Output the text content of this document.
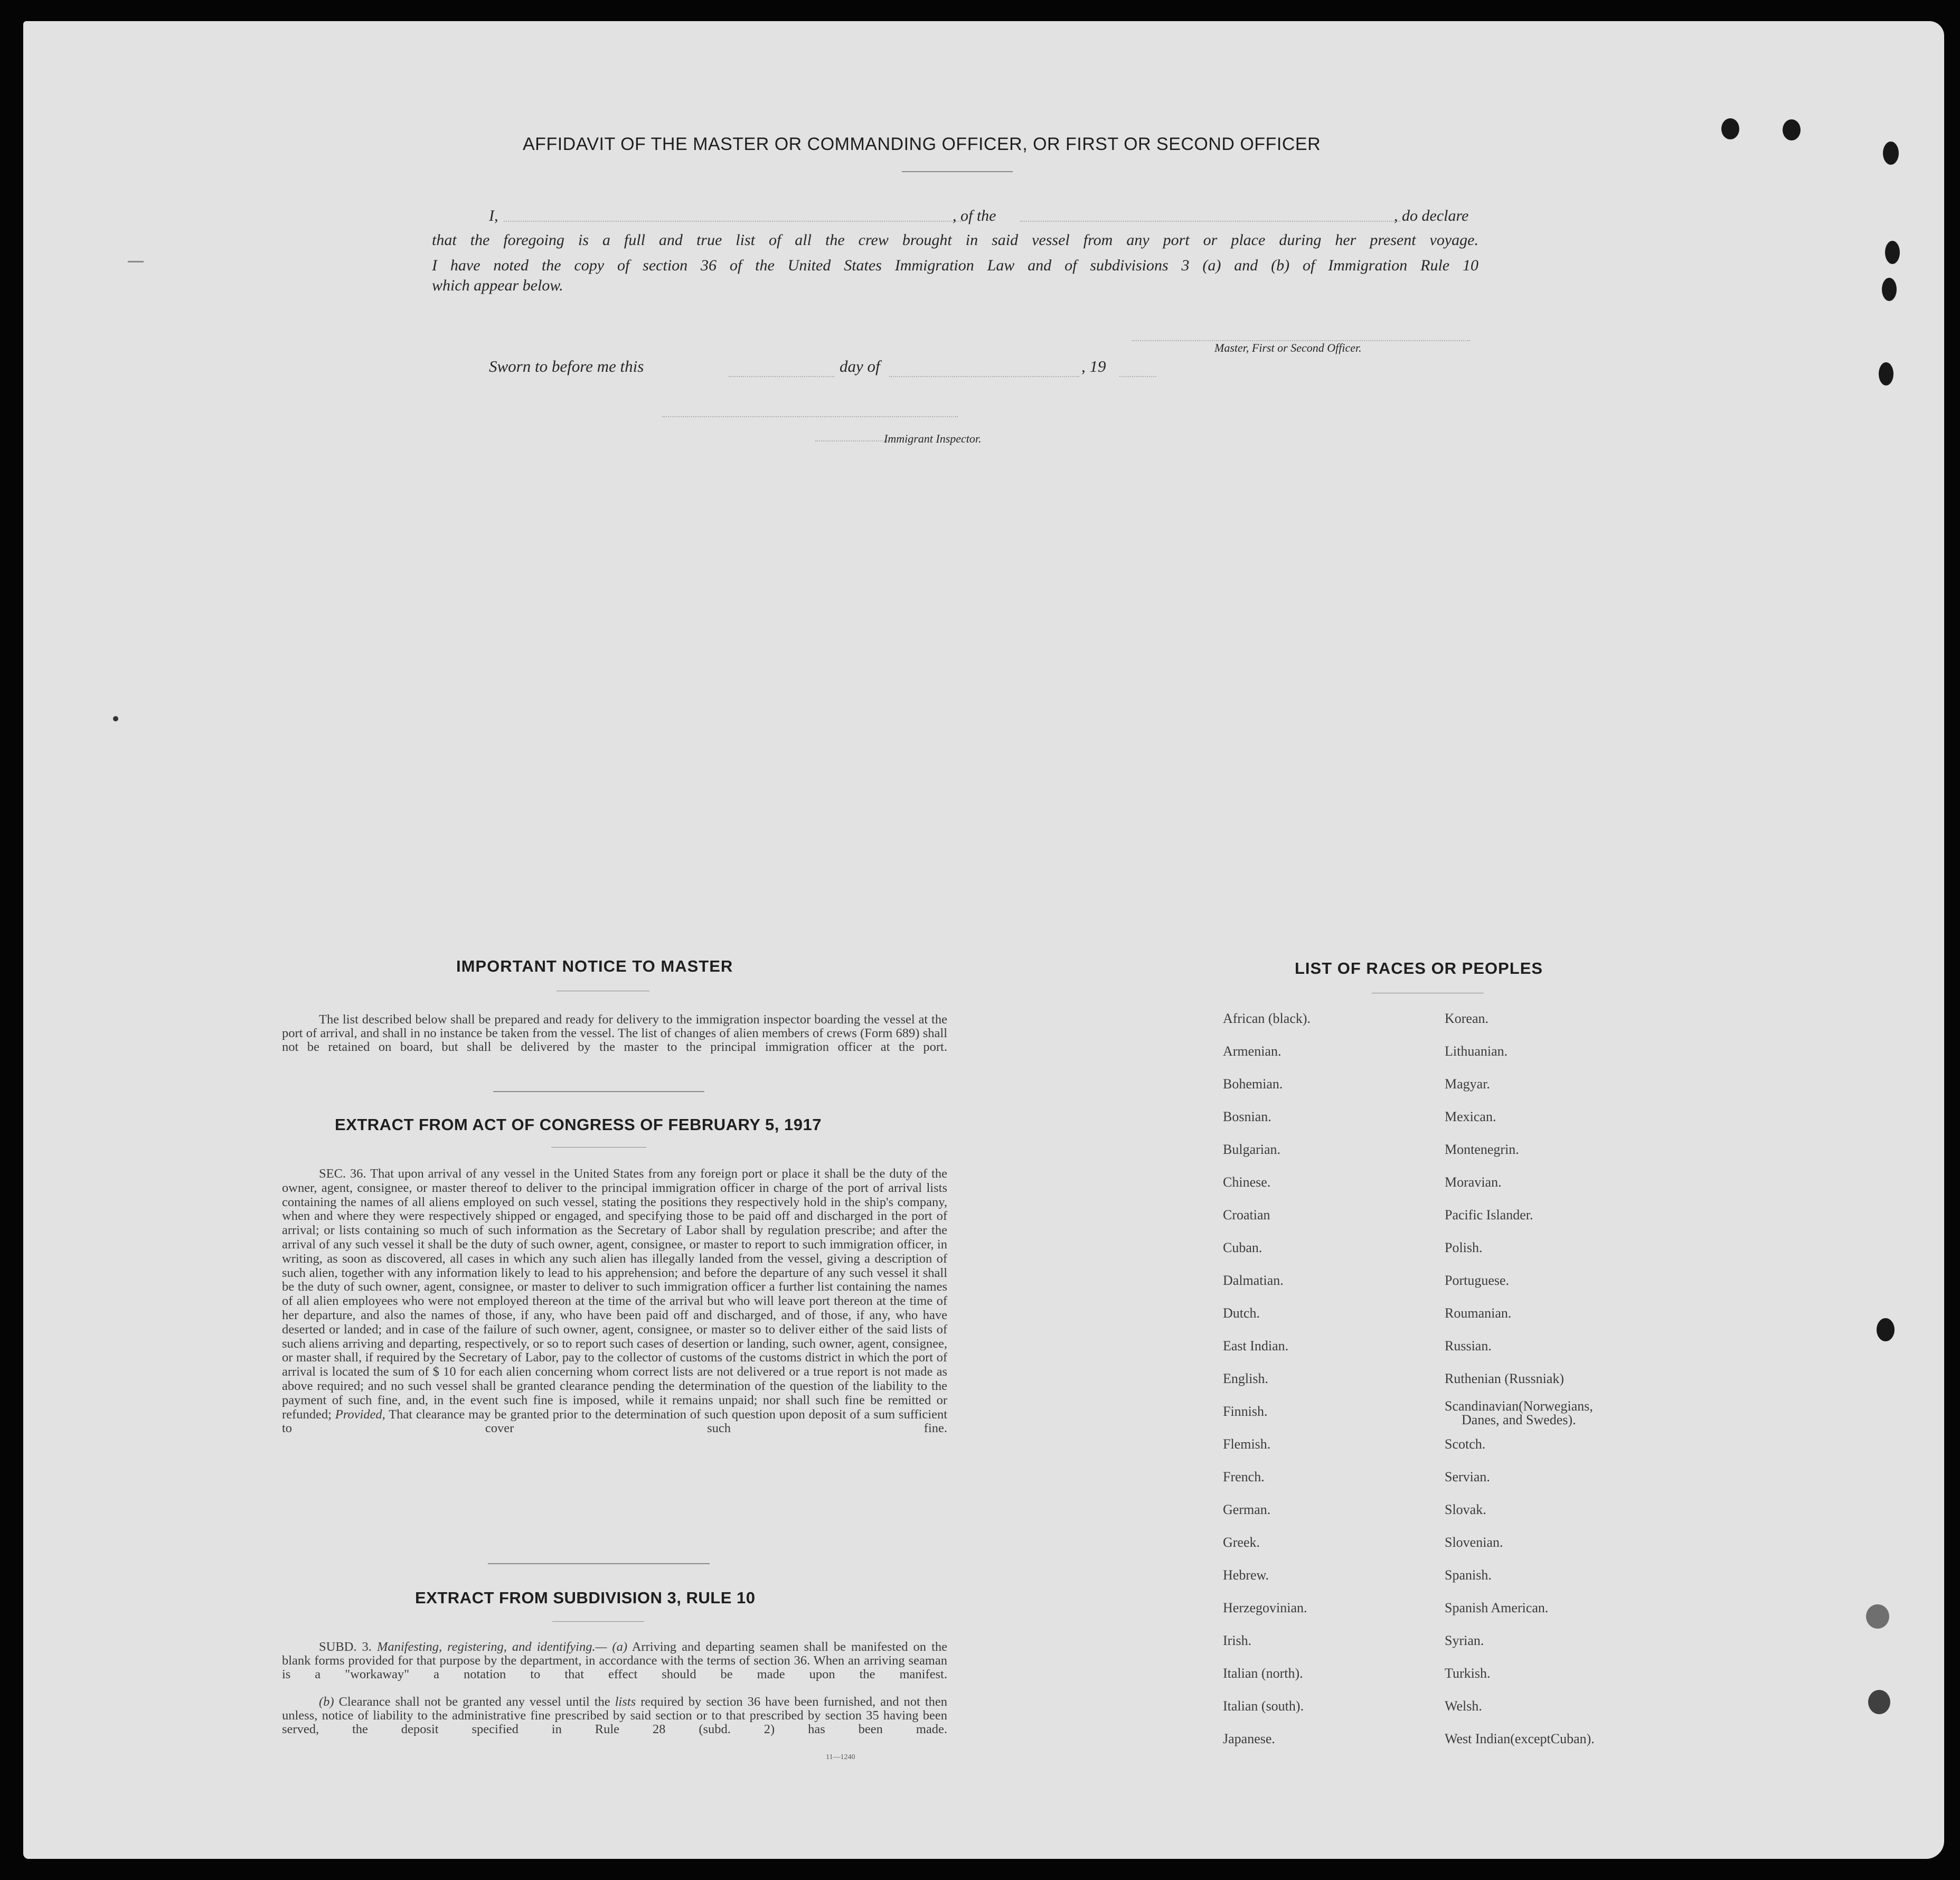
AFFIDAVIT OF THE MASTER OR COMMANDING OFFICER, OR FIRST OR SECOND OFFICER
I,	, of the	, do declare
that the foregoing is a full and true list of all the crew brought in said vessel from any port or place during her present voyage.
I have noted the copy of section 36 of the United States Immigration Law and of subdivisions 3 (a) and (b) of Immigration Rule 10
which appear below.
Master, First or Second Officer.
Sworn to before me this	day of	, 19
Immigrant Inspector.
IMPORTANT NOTICE TO MASTER
The list described below shall be prepared and ready for delivery to the immigration inspector boarding the vessel at the port of arrival, and shall in no instance be taken from the vessel. The list of changes of alien members of crews (Form 689) shall not be retained on board, but shall be delivered by the master to the principal immigration officer at the port.
EXTRACT FROM ACT OF CONGRESS OF FEBRUARY 5, 1917
SEC. 36. That upon arrival of any vessel in the United States from any foreign port or place it shall be the duty of the owner, agent, consignee, or master thereof to deliver to the principal immigration officer in charge of the port of arrival lists containing the names of all aliens employed on such vessel, stating the positions they respectively hold in the ship's company, when and where they were respectively shipped or engaged, and specifying those to be paid off and discharged in the port of arrival; or lists containing so much of such information as the Secretary of Labor shall by regulation prescribe; and after the arrival of any such vessel it shall be the duty of such owner, agent, consignee, or master to report to such immigration officer, in writing, as soon as discovered, all cases in which any such alien has illegally landed from the vessel, giving a description of such alien, together with any information likely to lead to his apprehension; and before the departure of any such vessel it shall be the duty of such owner, agent, consignee, or master to deliver to such immigration officer a further list containing the names of all alien employees who were not employed thereon at the time of the arrival but who will leave port thereon at the time of her departure, and also the names of those, if any, who have been paid off and discharged, and of those, if any, who have deserted or landed; and in case of the failure of such owner, agent, consignee, or master so to deliver either of the said lists of such aliens arriving and departing, respectively, or so to report such cases of desertion or landing, such owner, agent, consignee, or master shall, if required by the Secretary of Labor, pay to the collector of customs of the customs district in which the port of arrival is located the sum of $ 10 for each alien concerning whom correct lists are not delivered or a true report is not made as above required; and no such vessel shall be granted clearance pending the determination of the question of the liability to the payment of such fine, and, in the event such fine is imposed, while it remains unpaid; nor shall such fine be remitted or refunded; Provided, That clearance may be granted prior to the determination of such question upon deposit of a sum sufficient to cover such fine.
EXTRACT FROM SUBDIVISION 3, RULE 10
SUBD. 3. Manifesting, registering, and identifying.— (a) Arriving and departing seamen shall be manifested on the blank forms provided for that purpose by the department, in accordance with the terms of section 36. When an arriving seaman is a "workaway" a notation to that effect should be made upon the manifest.
(b) Clearance shall not be granted any vessel until the lists required by section 36 have been furnished, and not then unless, notice of liability to the administrative fine prescribed by said section or to that prescribed by section 35 having been served, the deposit specified in Rule 28 (subd. 2) has been made.
11—1240
LIST OF RACES OR PEOPLES
African (black).
Armenian.
Bohemian.
Bosnian.
Bulgarian.
Chinese.
Croatian
Cuban.
Dalmatian.
Dutch.
East Indian.
English.
Finnish.
Flemish.
French.
German.
Greek.
Hebrew.
Herzegovinian.
Irish.
Italian (north).
Italian (south).
Japanese.
Korean.
Lithuanian.
Magyar.
Mexican.
Montenegrin.
Moravian.
Pacific Islander.
Polish.
Portuguese.
Roumanian.
Russian.
Ruthenian (Russniak)
Scandinavian(Norwegians,
Danes, and Swedes).
Scotch.
Servian.
Slovak.
Slovenian.
Spanish.
Spanish American.
Syrian.
Turkish.
Welsh.
West Indian(exceptCuban).
